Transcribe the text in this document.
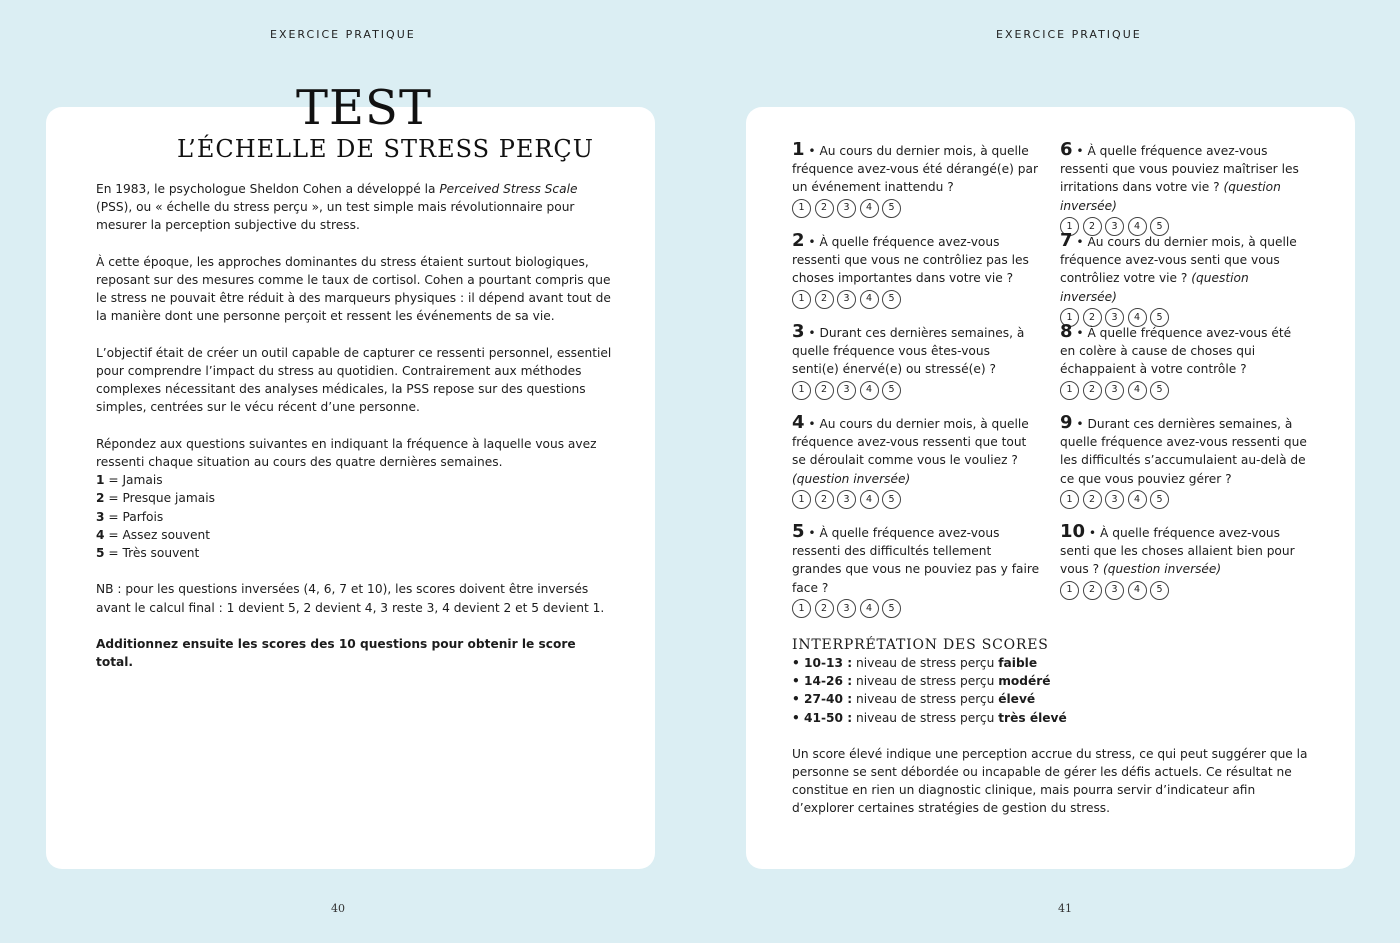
EXERCICE PRATIQUE	EXERCICE PRATIQUE
TEST
L’ÉCHELLE DE STRESS PERÇU

En 1983, le psychologue Sheldon Cohen a développé la Perceived Stress Scale (PSS), ou « échelle du stress perçu », un test simple mais révolutionnaire pour mesurer la perception subjective du stress.

À cette époque, les approches dominantes du stress étaient surtout biologiques, reposant sur des mesures comme le taux de cortisol. Cohen a pourtant compris que le stress ne pouvait être réduit à des marqueurs physiques : il dépend avant tout de la manière dont une personne perçoit et ressent les événements de sa vie.

L’objectif était de créer un outil capable de capturer ce ressenti personnel, essentiel pour comprendre l’impact du stress au quotidien. Contrairement aux méthodes complexes nécessitant des analyses médicales, la PSS repose sur des questions simples, centrées sur le vécu récent d’une personne.

Répondez aux questions suivantes en indiquant la fréquence à laquelle vous avez ressenti chaque situation au cours des quatre dernières semaines.
1 = Jamais
2 = Presque jamais
3 = Parfois
4 = Assez souvent
5 = Très souvent

NB : pour les questions inversées (4, 6, 7 et 10), les scores doivent être inversés avant le calcul final : 1 devient 5, 2 devient 4, 3 reste 3, 4 devient 2 et 5 devient 1.

Additionnez ensuite les scores des 10 questions pour obtenir le score total.

1 • Au cours du dernier mois, à quelle fréquence avez-vous été dérangé(e) par un événement inattendu ?
1	2	3	4	5
2 • À quelle fréquence avez-vous ressenti que vous ne contrôliez pas les choses importantes dans votre vie ?
1	2	3	4	5
3 • Durant ces dernières semaines, à quelle fréquence vous êtes-vous senti(e) énervé(e) ou stressé(e) ?
1	2	3	4	5
4 • Au cours du dernier mois, à quelle fréquence avez-vous ressenti que tout se déroulait comme vous le vouliez ? (question inversée)
1	2	3	4	5
5 • À quelle fréquence avez-vous ressenti des difficultés tellement grandes que vous ne pouviez pas y faire face ?
1	2	3	4	5
6 • À quelle fréquence avez-vous ressenti que vous pouviez maîtriser les irritations dans votre vie ? (question inversée)
1	2	3	4	5
7 • Au cours du dernier mois, à quelle fréquence avez-vous senti que vous contrôliez votre vie ? (question inversée)
1	2	3	4	5
8 • À quelle fréquence avez-vous été en colère à cause de choses qui échappaient à votre contrôle ?
1	2	3	4	5
9 • Durant ces dernières semaines, à quelle fréquence avez-vous ressenti que les difficultés s’accumulaient au-delà de ce que vous pouviez gérer ?
1	2	3	4	5
10 • À quelle fréquence avez-vous senti que les choses allaient bien pour vous ? (question inversée)
1	2	3	4	5
INTERPRÉTATION DES SCORES
• 10-13 : niveau de stress perçu faible
• 14-26 : niveau de stress perçu modéré
• 27-40 : niveau de stress perçu élevé
• 41-50 : niveau de stress perçu très élevé
Un score élevé indique une perception accrue du stress, ce qui peut suggérer que la personne se sent débordée ou incapable de gérer les défis actuels. Ce résultat ne constitue en rien un diagnostic clinique, mais pourra servir d’indicateur afin d’explorer certaines stratégies de gestion du stress.
40	41
